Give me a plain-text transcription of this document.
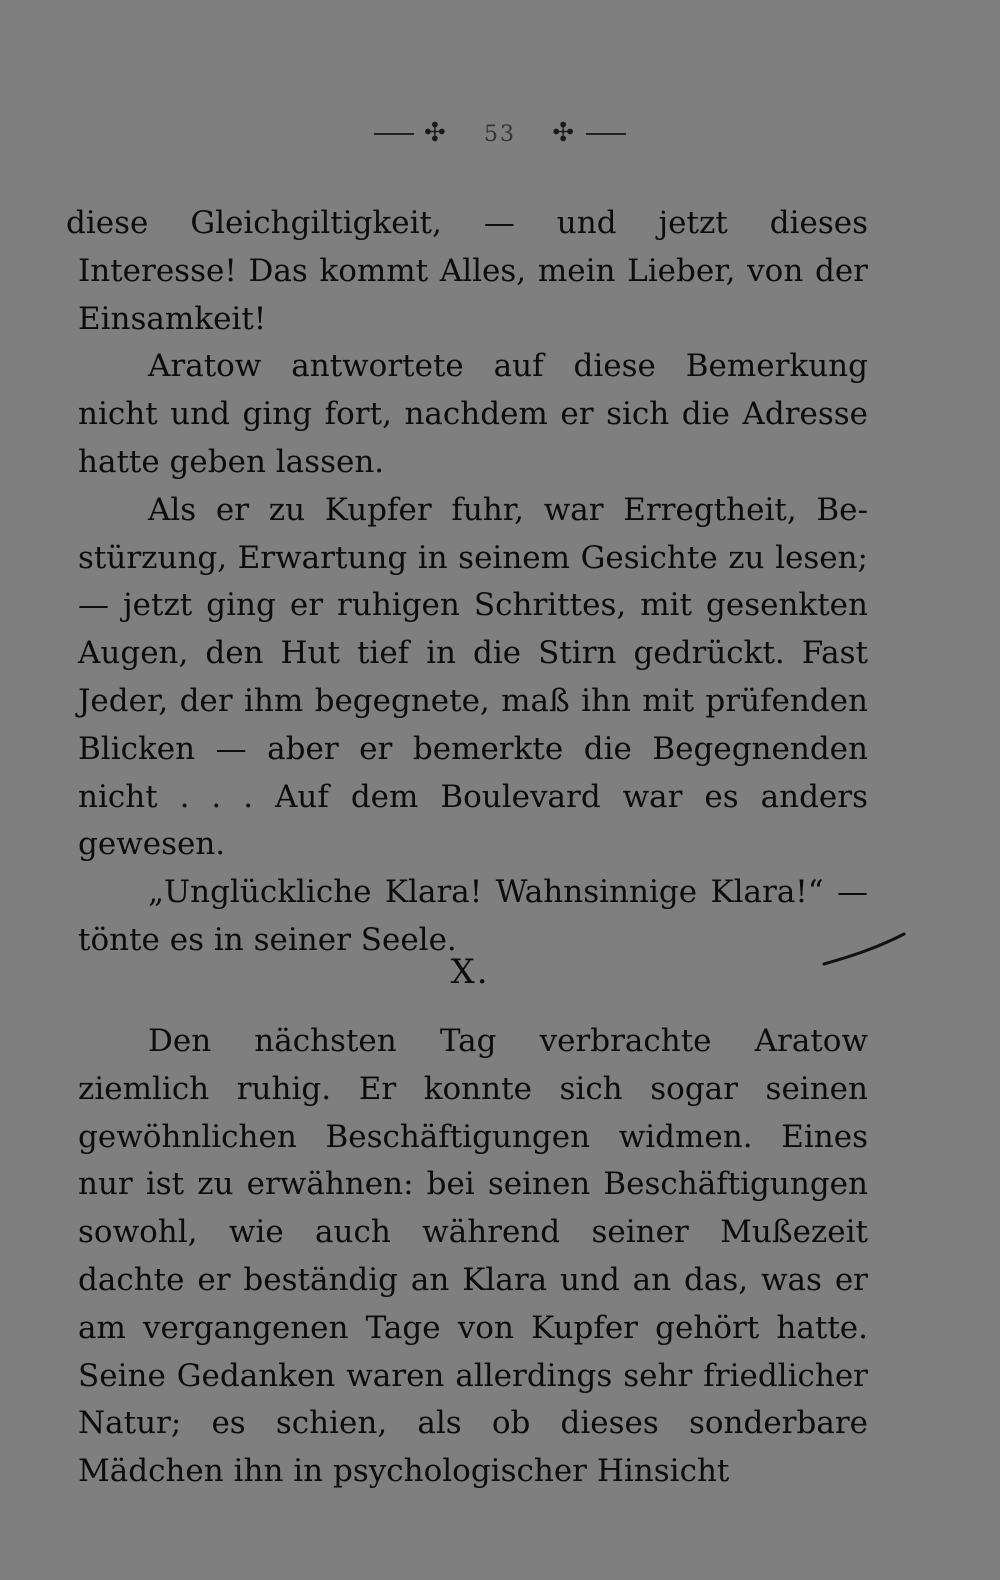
✣ 53 ✣

diese Gleichgiltigkeit, — und jetzt dieses Interesse! Das kommt Alles, mein Lieber, von der Einsamkeit!

Aratow antwortete auf diese Bemerkung nicht und ging fort, nachdem er sich die Adresse hatte geben lassen.

Als er zu Kupfer fuhr, war Erregtheit, Bestürzung, Erwartung in seinem Gesichte zu lesen; — jetzt ging er ruhigen Schrittes, mit gesenkten Augen, den Hut tief in die Stirn gedrückt. Fast Jeder, der ihm begegnete, maß ihn mit prüfenden Blicken — aber er bemerkte die Begegnenden nicht . . . Auf dem Boulevard war es anders gewesen.

„Unglückliche Klara! Wahnsinnige Klara!“ — tönte es in seiner Seele.

X.

Den nächsten Tag verbrachte Aratow ziemlich ruhig. Er konnte sich sogar seinen gewöhnlichen Beschäftigungen widmen. Eines nur ist zu erwähnen: bei seinen Beschäftigungen sowohl, wie auch während seiner Mußezeit dachte er beständig an Klara und an das, was er am vergangenen Tage von Kupfer gehört hatte. Seine Gedanken waren allerdings sehr friedlicher Natur; es schien, als ob dieses sonderbare Mädchen ihn in psychologischer Hinsicht
